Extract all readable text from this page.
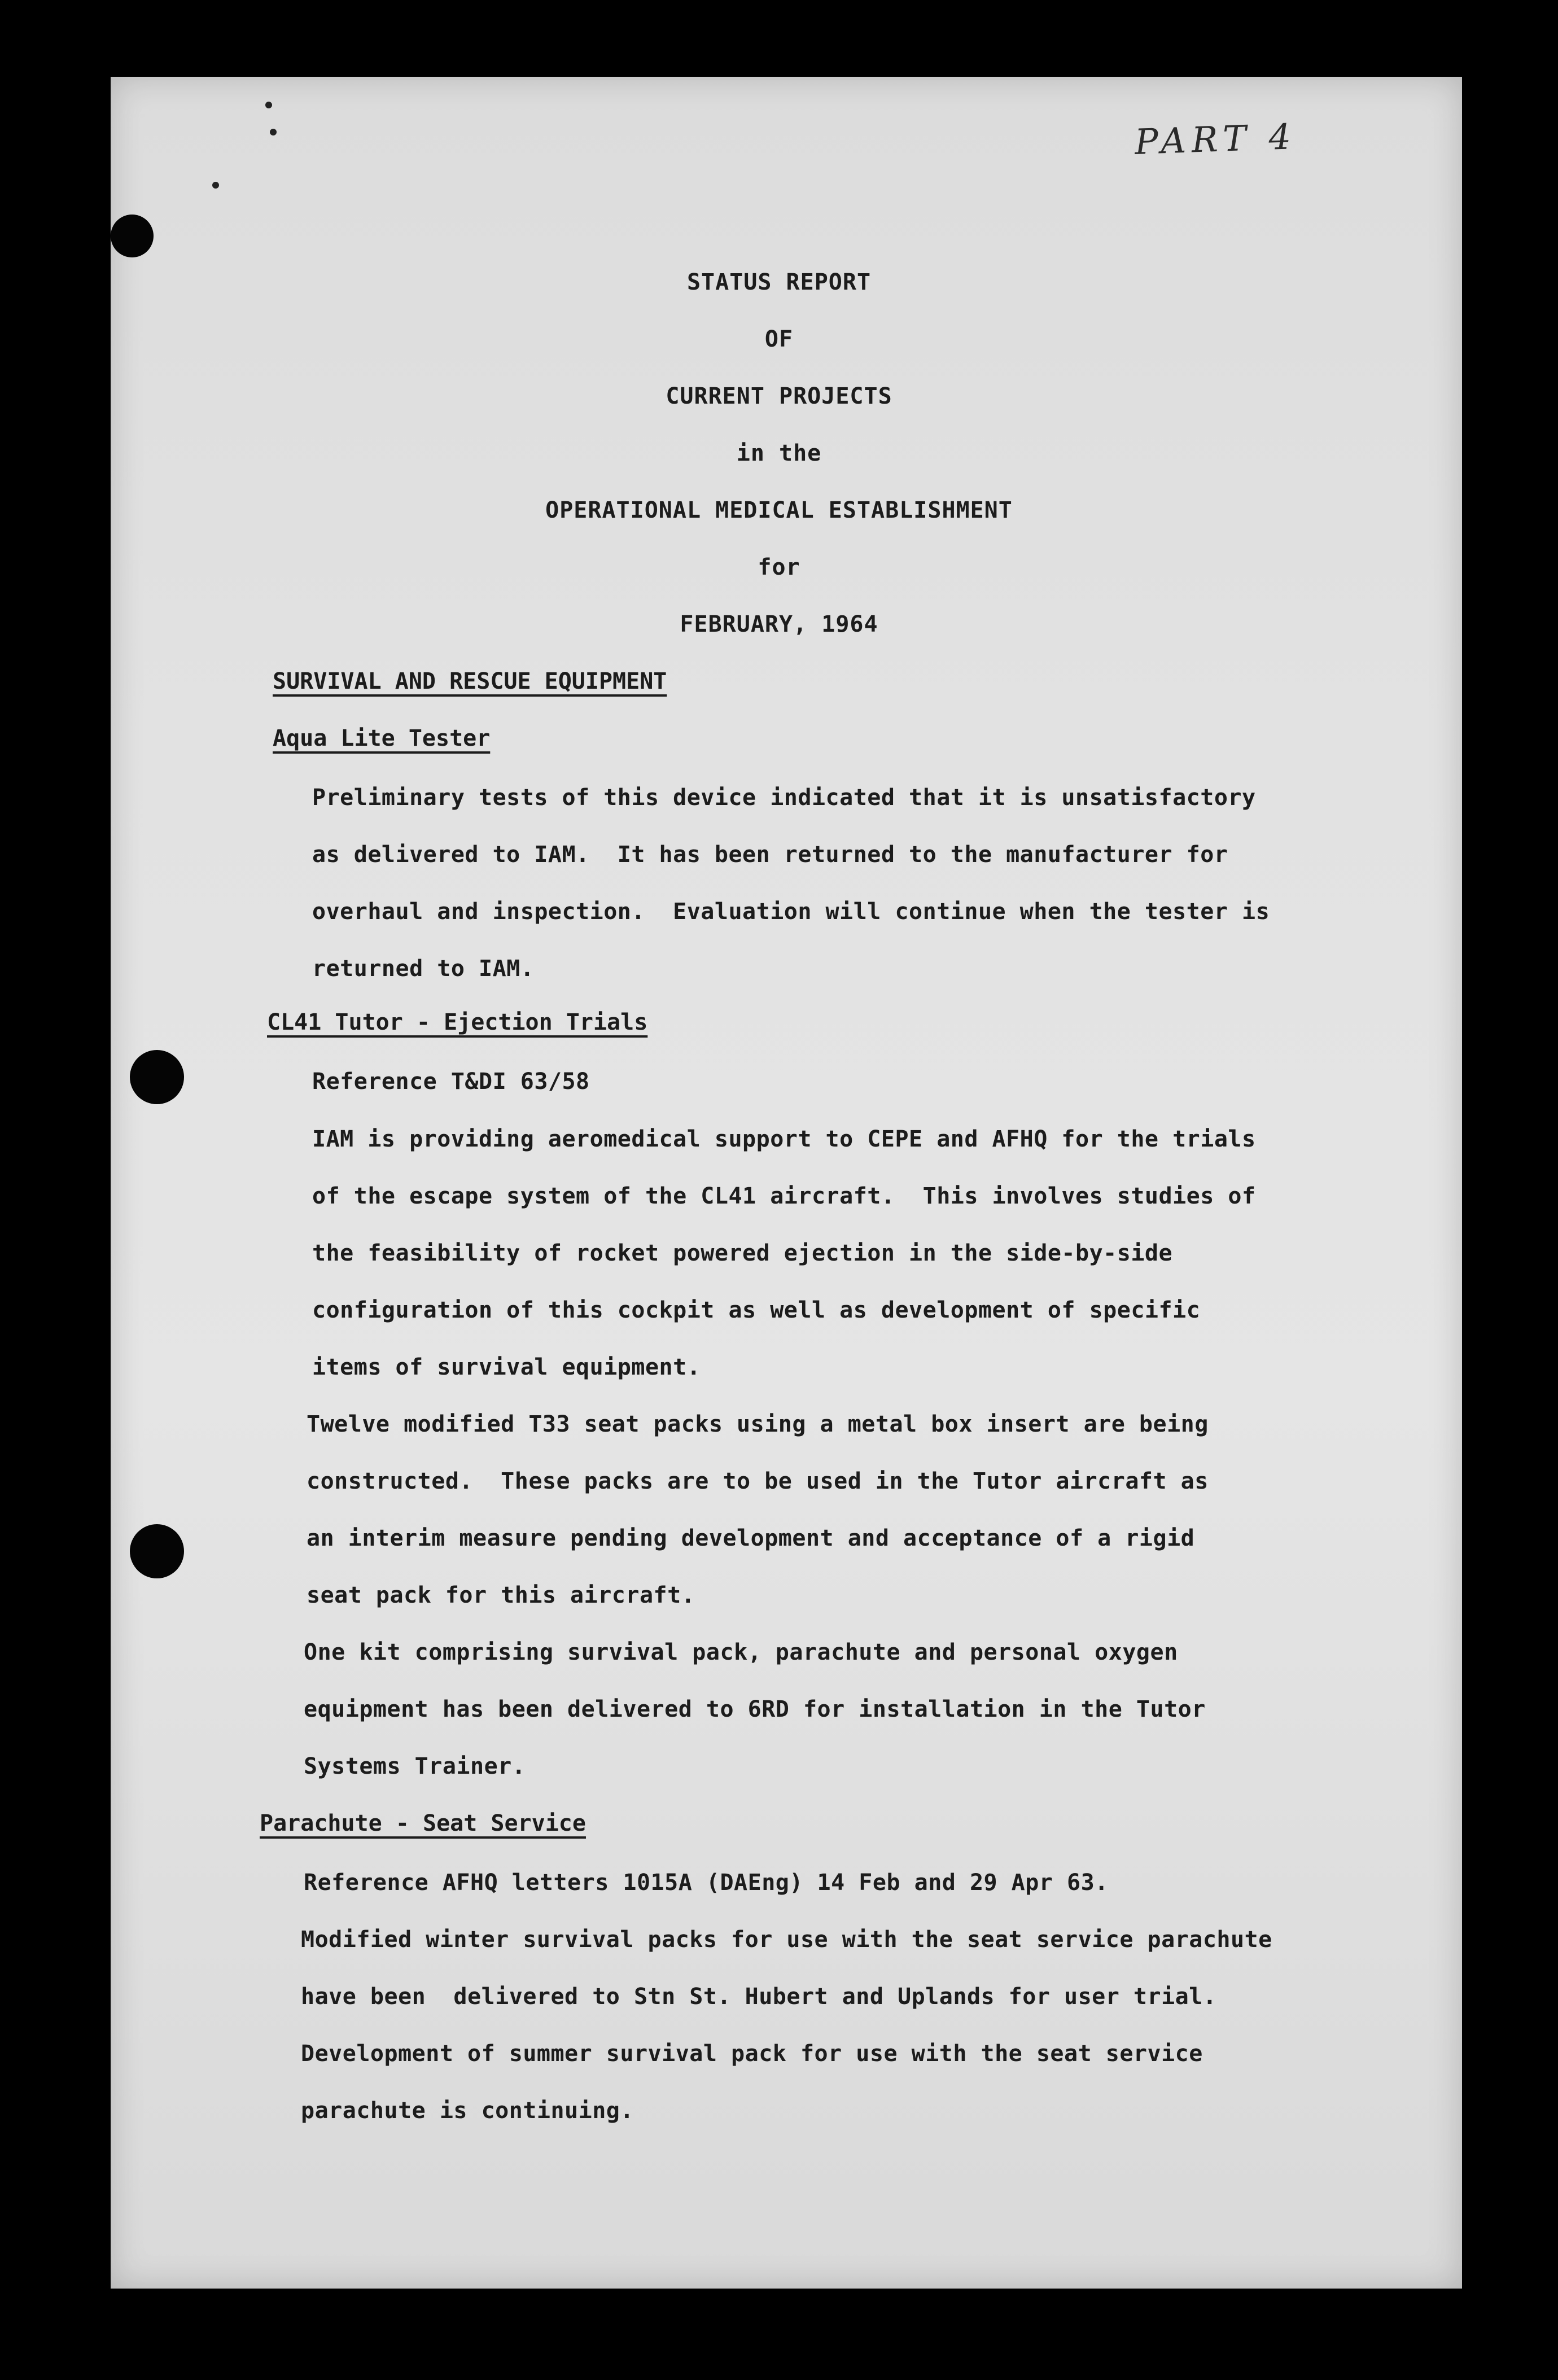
PART 4
STATUS REPORT
OF
CURRENT PROJECTS
in the
OPERATIONAL MEDICAL ESTABLISHMENT
for
FEBRUARY, 1964
SURVIVAL AND RESCUE EQUIPMENT
Aqua Lite Tester
Preliminary tests of this device indicated that it is unsatisfactory
as delivered to IAM.  It has been returned to the manufacturer for
overhaul and inspection.  Evaluation will continue when the tester is
returned to IAM.
CL41 Tutor - Ejection Trials
Reference T&DI 63/58
IAM is providing aeromedical support to CEPE and AFHQ for the trials
of the escape system of the CL41 aircraft.  This involves studies of
the feasibility of rocket powered ejection in the side-by-side
configuration of this cockpit as well as development of specific
items of survival equipment.
Twelve modified T33 seat packs using a metal box insert are being
constructed.  These packs are to be used in the Tutor aircraft as
an interim measure pending development and acceptance of a rigid
seat pack for this aircraft.
One kit comprising survival pack, parachute and personal oxygen
equipment has been delivered to 6RD for installation in the Tutor
Systems Trainer.
Parachute - Seat Service
Reference AFHQ letters 1015A (DAEng) 14 Feb and 29 Apr 63.
Modified winter survival packs for use with the seat service parachute
have been  delivered to Stn St. Hubert and Uplands for user trial.
Development of summer survival pack for use with the seat service
parachute is continuing.
